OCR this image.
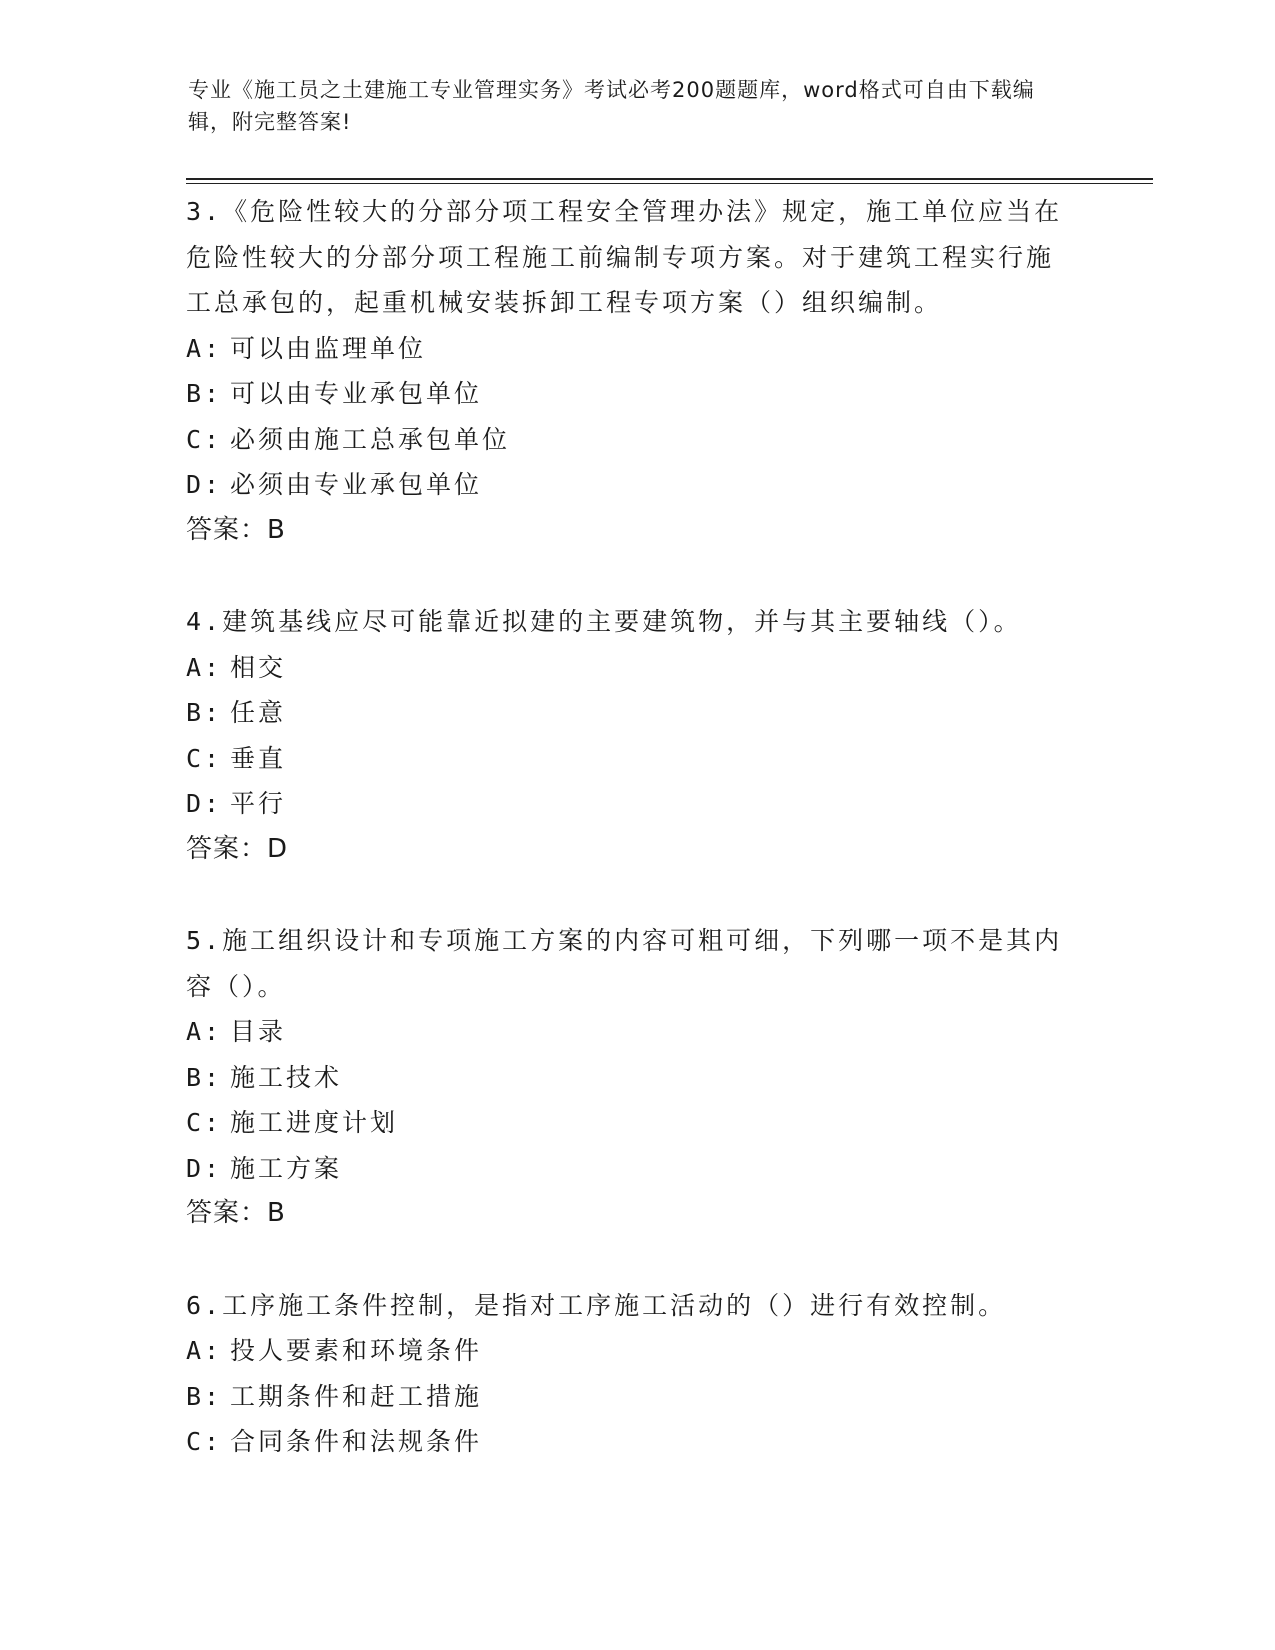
专业《施工员之土建施工专业管理实务》考试必考200题题库，word格式可自由下载编辑，附完整答案!

3.《危险性较大的分部分项工程安全管理办法》规定，施工单位应当在危险性较大的分部分项工程施工前编制专项方案。对于建筑工程实行施工总承包的，起重机械安装拆卸工程专项方案（）组织编制。

A: 可以由监理单位

B: 可以由专业承包单位

C: 必须由施工总承包单位

D: 必须由专业承包单位

答案：B

4.建筑基线应尽可能靠近拟建的主要建筑物，并与其主要轴线（）。

A: 相交

B: 任意

C: 垂直

D: 平行

答案：D

5.施工组织设计和专项施工方案的内容可粗可细，下列哪一项不是其内容（）。

A: 目录

B: 施工技术

C: 施工进度计划

D: 施工方案

答案：B

6.工序施工条件控制，是指对工序施工活动的（）进行有效控制。

A: 投人要素和环境条件

B: 工期条件和赶工措施

C: 合同条件和法规条件
